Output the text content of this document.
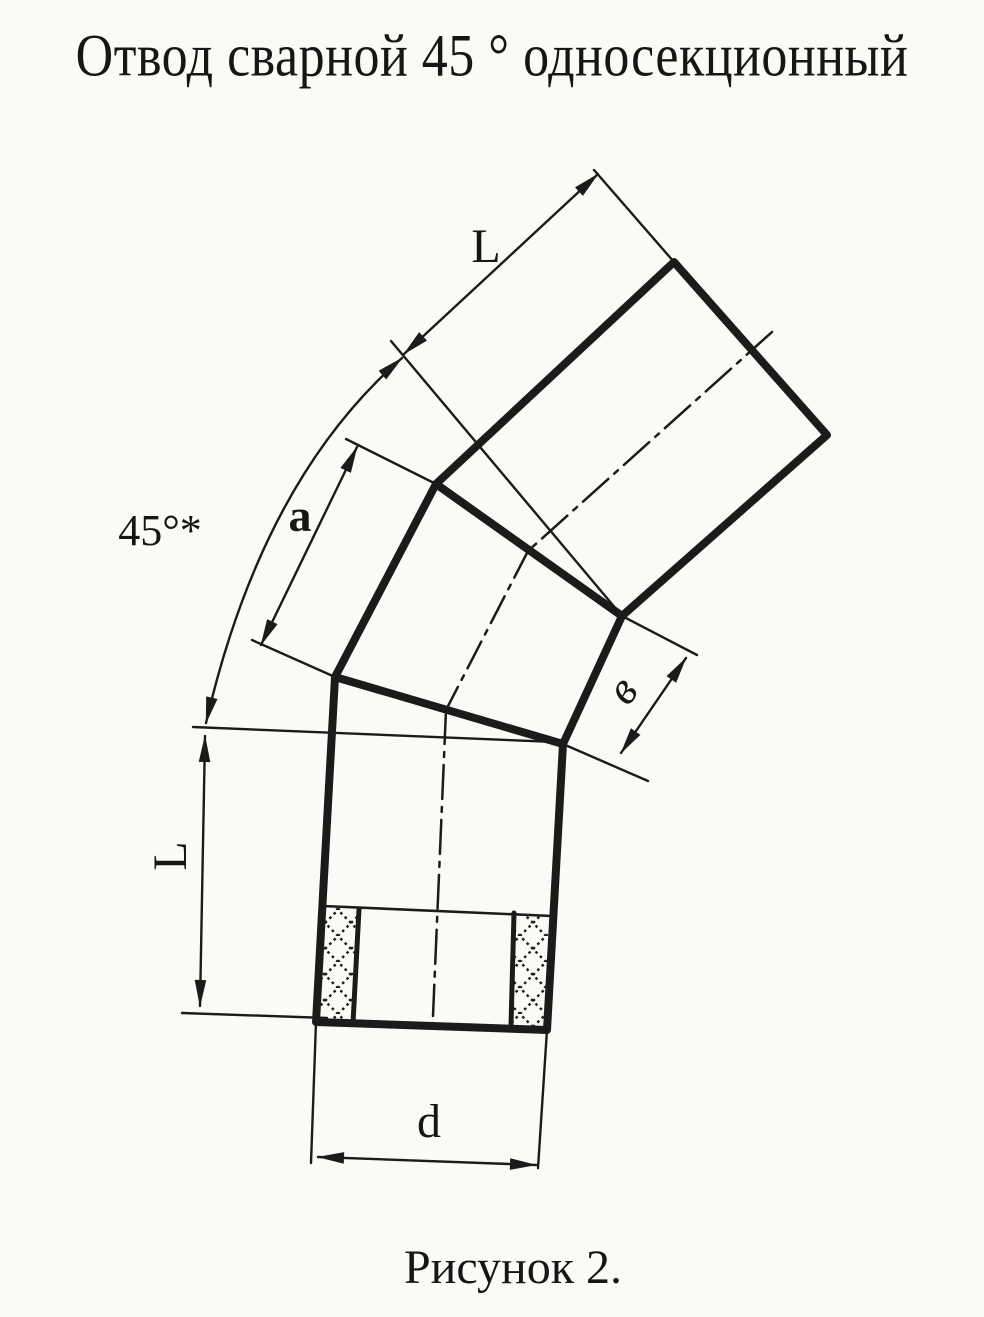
Отвод сварной 45 ° односекционный
L
45°* a
в
L
d
Рисунок 2.
